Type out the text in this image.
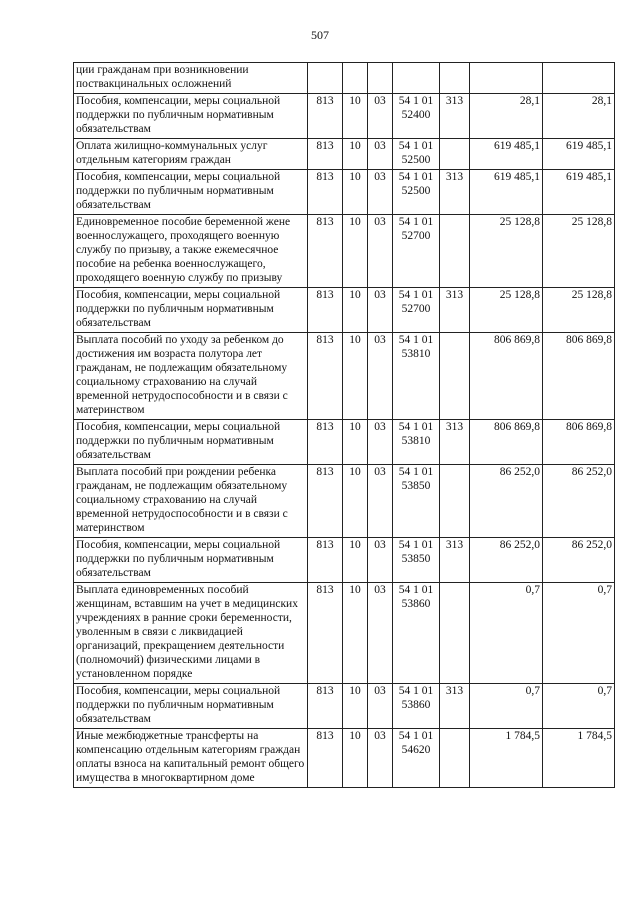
507
ции гражданам при возникновении поствакцинальных осложнений							
Пособия, компенсации, меры социальной поддержки по публичным нормативным обязательствам	813	10	03	54 1 01 52400	313	28,1	28,1
Оплата жилищно-коммунальных услуг отдельным категориям граждан	813	10	03	54 1 01 52500		619 485,1	619 485,1
Пособия, компенсации, меры социальной поддержки по публичным нормативным обязательствам	813	10	03	54 1 01 52500	313	619 485,1	619 485,1
Единовременное пособие беременной жене военнослужащего, проходящего военную службу по призыву, а также ежемесячное пособие на ребенка военнослужащего, проходящего военную службу по призыву	813	10	03	54 1 01 52700		25 128,8	25 128,8
Пособия, компенсации, меры социальной поддержки по публичным нормативным обязательствам	813	10	03	54 1 01 52700	313	25 128,8	25 128,8
Выплата пособий по уходу за ребенком до достижения им возраста полутора лет гражданам, не подлежащим обязательному социальному страхованию на случай временной нетрудоспособности и в связи с материнством	813	10	03	54 1 01 53810		806 869,8	806 869,8
Пособия, компенсации, меры социальной поддержки по публичным нормативным обязательствам	813	10	03	54 1 01 53810	313	806 869,8	806 869,8
Выплата пособий при рождении ребенка гражданам, не подлежащим обязательному социальному страхованию на случай временной нетрудоспособности и в связи с материнством	813	10	03	54 1 01 53850		86 252,0	86 252,0
Пособия, компенсации, меры социальной поддержки по публичным нормативным обязательствам	813	10	03	54 1 01 53850	313	86 252,0	86 252,0
Выплата единовременных пособий женщинам, вставшим на учет в медицинских учреждениях в ранние сроки беременности, уволенным в связи с ликвидацией организаций, прекращением деятельности (полномочий) физическими лицами в установленном порядке	813	10	03	54 1 01 53860		0,7	0,7
Пособия, компенсации, меры социальной поддержки по публичным нормативным обязательствам	813	10	03	54 1 01 53860	313	0,7	0,7
Иные межбюджетные трансферты на компенсацию отдельным категориям граждан оплаты взноса на капитальный ремонт общего имущества в многоквартирном доме	813	10	03	54 1 01 54620		1 784,5	1 784,5
